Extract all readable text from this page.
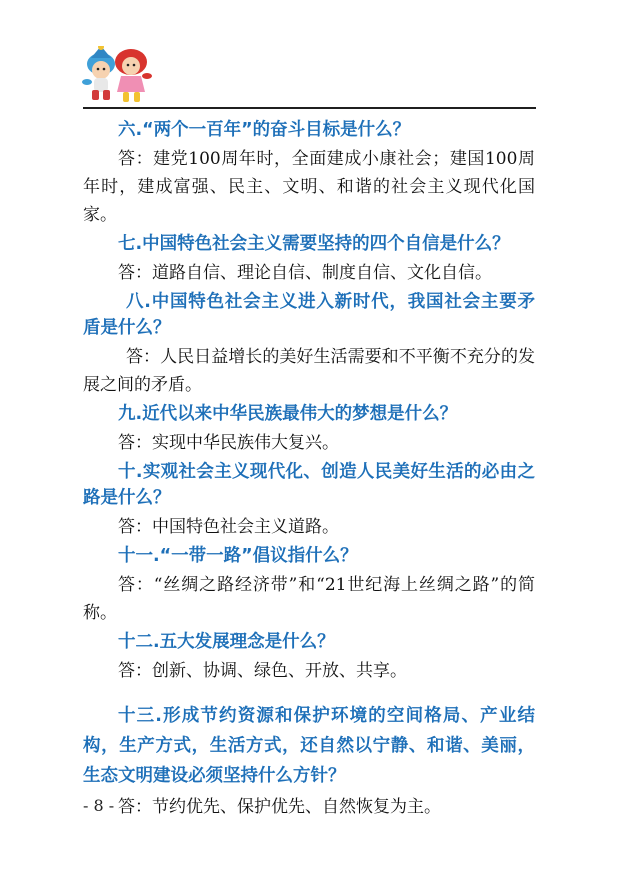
六.“两个一百年”的奋斗目标是什么？

答：建党100周年时，全面建成小康社会；建国100周年时，建成富强、民主、文明、和谐的社会主义现代化国家。

七.中国特色社会主义需要坚持的四个自信是什么？

答：道路自信、理论自信、制度自信、文化自信。

八.中国特色社会主义进入新时代，我国社会主要矛盾是什么？

答：人民日益增长的美好生活需要和不平衡不充分的发展之间的矛盾。

九.近代以来中华民族最伟大的梦想是什么？

答：实现中华民族伟大复兴。

十.实观社会主义现代化、创造人民美好生活的必由之路是什么？

答：中国特色社会主义道路。

十一.“一带一路”倡议指什么？

答：“丝绸之路经济带”和“21世纪海上丝绸之路”的简称。

十二.五大发展理念是什么？

答：创新、协调、绿色、开放、共享。

十三.形成节约资源和保护环境的空间格局、产业结构，生产方式，生活方式，还自然以宁静、和谐、美丽，生态文明建设必须坚持什么方针？

答：节约优先、保护优先、自然恢复为主。

- 8 -
